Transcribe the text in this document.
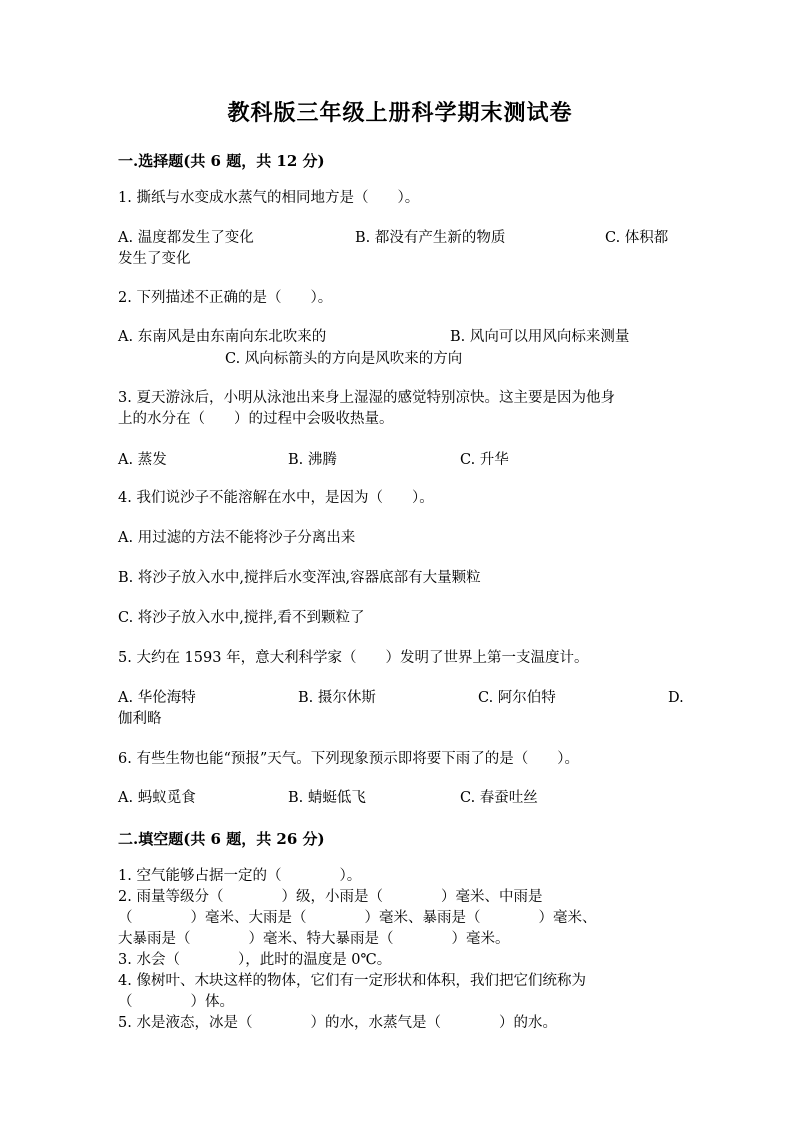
教科版三年级上册科学期末测试卷
一.选择题(共 6 题，共 12 分)
1. 撕纸与水变成水蒸气的相同地方是（　　）。
A. 温度都发生了变化	B. 都没有产生新的物质	C. 体积都
发生了变化
2. 下列描述不正确的是（　　）。
A. 东南风是由东南向东北吹来的	B. 风向可以用风向标来测量
C. 风向标箭头的方向是风吹来的方向
3. 夏天游泳后，小明从泳池出来身上湿湿的感觉特别凉快。这主要是因为他身
上的水分在（　　）的过程中会吸收热量。
A. 蒸发	B. 沸腾	C. 升华
4. 我们说沙子不能溶解在水中，是因为（　　）。
A. 用过滤的方法不能将沙子分离出来
B. 将沙子放入水中,搅拌后水变浑浊,容器底部有大量颗粒
C. 将沙子放入水中,搅拌,看不到颗粒了
5. 大约在 1593 年，意大利科学家（　　）发明了世界上第一支温度计。
A. 华伦海特	B. 摄尔休斯	C. 阿尔伯特	D.
伽利略
6. 有些生物也能“预报”天气。下列现象预示即将要下雨了的是（　　）。
A. 蚂蚁觅食	B. 蜻蜓低飞	C. 春蚕吐丝
二.填空题(共 6 题，共 26 分)
1. 空气能够占据一定的（　　　　）。
2. 雨量等级分（　　　　）级，小雨是（　　　　）毫米、中雨是
（　　　　）毫米、大雨是（　　　　）毫米、暴雨是（　　　　）毫米、
大暴雨是（　　　　）毫米、特大暴雨是（　　　　）毫米。
3. 水会（　　　　），此时的温度是 0℃。
4. 像树叶、木块这样的物体，它们有一定形状和体积，我们把它们统称为
（　　　　）体。
5. 水是液态，冰是（　　　　）的水，水蒸气是（　　　　）的水。
